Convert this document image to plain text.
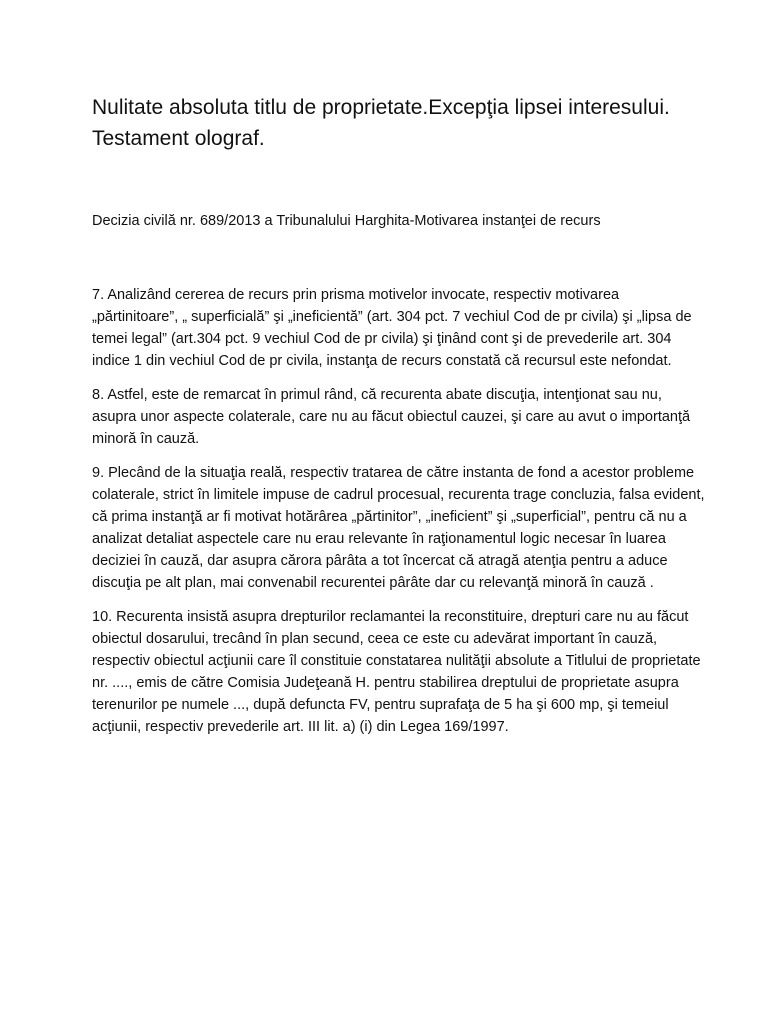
Nulitate absoluta titlu de proprietate.Excepţia lipsei interesului. Testament olograf.

Decizia civilă nr. 689/2013 a Tribunalului Harghita-Motivarea instanţei de recurs

7. Analizând cererea de recurs prin prisma motivelor invocate, respectiv motivarea „părtinitoare”, „ superficială” şi „ineficientă” (art. 304 pct. 7 vechiul Cod de pr civila) şi „lipsa de temei legal” (art.304 pct. 9 vechiul Cod de pr civila) şi ţinând cont şi de prevederile art. 304 indice 1 din vechiul Cod de pr civila, instanţa de recurs constată că recursul este nefondat.

8. Astfel, este de remarcat în primul rând, că recurenta abate discuţia, intenţionat sau nu, asupra unor aspecte colaterale, care nu au făcut obiectul cauzei, şi care au avut o importanţă minoră în cauză.

9. Plecând de la situaţia reală, respectiv tratarea de către instanta de fond a acestor probleme colaterale, strict în limitele impuse de cadrul procesual, recurenta trage concluzia, falsa evident, că prima instanţă ar fi motivat hotărârea „părtinitor”, „ineficient” şi „superficial”, pentru că nu a analizat detaliat aspectele care nu erau relevante în raţionamentul logic necesar în luarea deciziei în cauză, dar asupra cărora pârâta a tot încercat că atragă atenţia pentru a aduce discuţia pe alt plan, mai convenabil recurentei pârâte dar cu relevanţă minoră în cauză .

10. Recurenta insistă asupra drepturilor reclamantei la reconstituire, drepturi care nu au făcut obiectul dosarului, trecând în plan secund, ceea ce este cu adevărat important în cauză, respectiv obiectul acţiunii care îl constituie constatarea nulităţii absolute a Titlului de proprietate nr. ...., emis de către Comisia Judeţeană H. pentru stabilirea dreptului de proprietate asupra terenurilor pe numele ..., după defuncta FV, pentru suprafaţa de 5 ha şi 600 mp, şi temeiul acţiunii, respectiv prevederile art. III lit. a) (i) din Legea 169/1997.
